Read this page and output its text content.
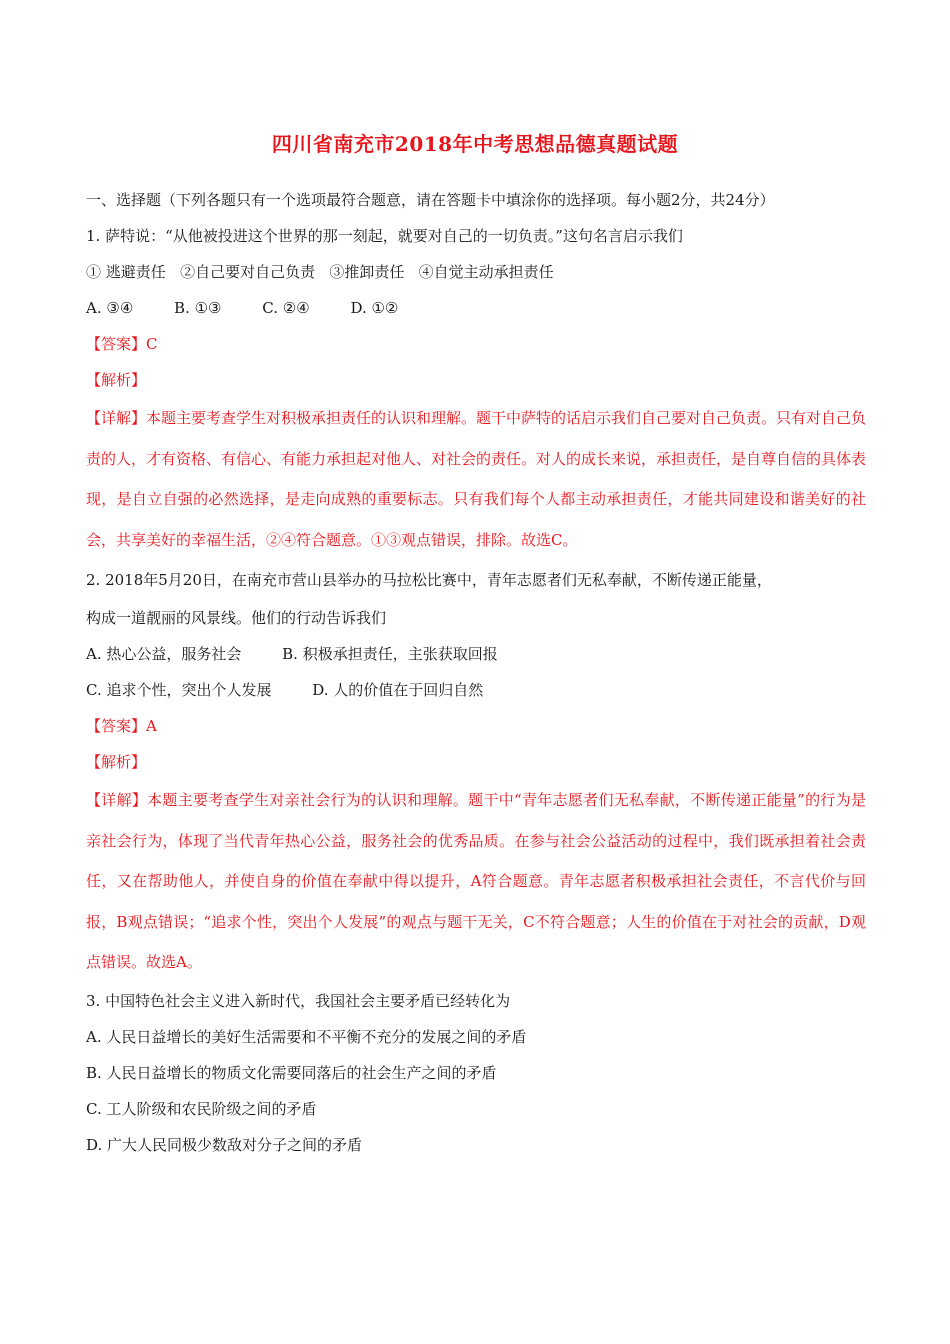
四川省南充市2018年中考思想品德真题试题
一、选择题（下列各题只有一个选项最符合题意，请在答题卡中填涂你的选择项。每小题2分，共24分）
1. 萨特说：“从他被投进这个世界的那一刻起，就要对自己的一切负责。”这句名言启示我们
① 逃避责任   ②自己要对自己负责   ③推卸责任   ④自觉主动承担责任
A. ③④	B. ①③	C. ②④	D. ①②
【答案】C
【解析】
【详解】本题主要考查学生对积极承担责任的认识和理解。题干中萨特的话启示我们自己要对自己负责。只有对自己负责的人，才有资格、有信心、有能力承担起对他人、对社会的责任。对人的成长来说，承担责任，是自尊自信的具体表现，是自立自强的必然选择，是走向成熟的重要标志。只有我们每个人都主动承担责任，才能共同建设和谐美好的社会，共享美好的幸福生活，②④符合题意。①③观点错误，排除。故选C。
2. 2018年5月20日，在南充市营山县举办的马拉松比赛中，青年志愿者们无私奉献，不断传递正能量，
构成一道靓丽的风景线。他们的行动告诉我们
A. 热心公益，服务社会	B. 积极承担责任，主张获取回报
C. 追求个性，突出个人发展	D. 人的价值在于回归自然
【答案】A
【解析】
【详解】本题主要考查学生对亲社会行为的认识和理解。题干中“青年志愿者们无私奉献，不断传递正能量”的行为是亲社会行为，体现了当代青年热心公益，服务社会的优秀品质。在参与社会公益活动的过程中，我们既承担着社会责任，又在帮助他人，并使自身的价值在奉献中得以提升，A符合题意。青年志愿者积极承担社会责任，不言代价与回报，B观点错误；“追求个性，突出个人发展”的观点与题干无关，C不符合题意；人生的价值在于对社会的贡献，D观点错误。故选A。
3. 中国特色社会主义进入新时代，我国社会主要矛盾已经转化为
A. 人民日益增长的美好生活需要和不平衡不充分的发展之间的矛盾
B. 人民日益增长的物质文化需要同落后的社会生产之间的矛盾
C. 工人阶级和农民阶级之间的矛盾
D. 广大人民同极少数敌对分子之间的矛盾
